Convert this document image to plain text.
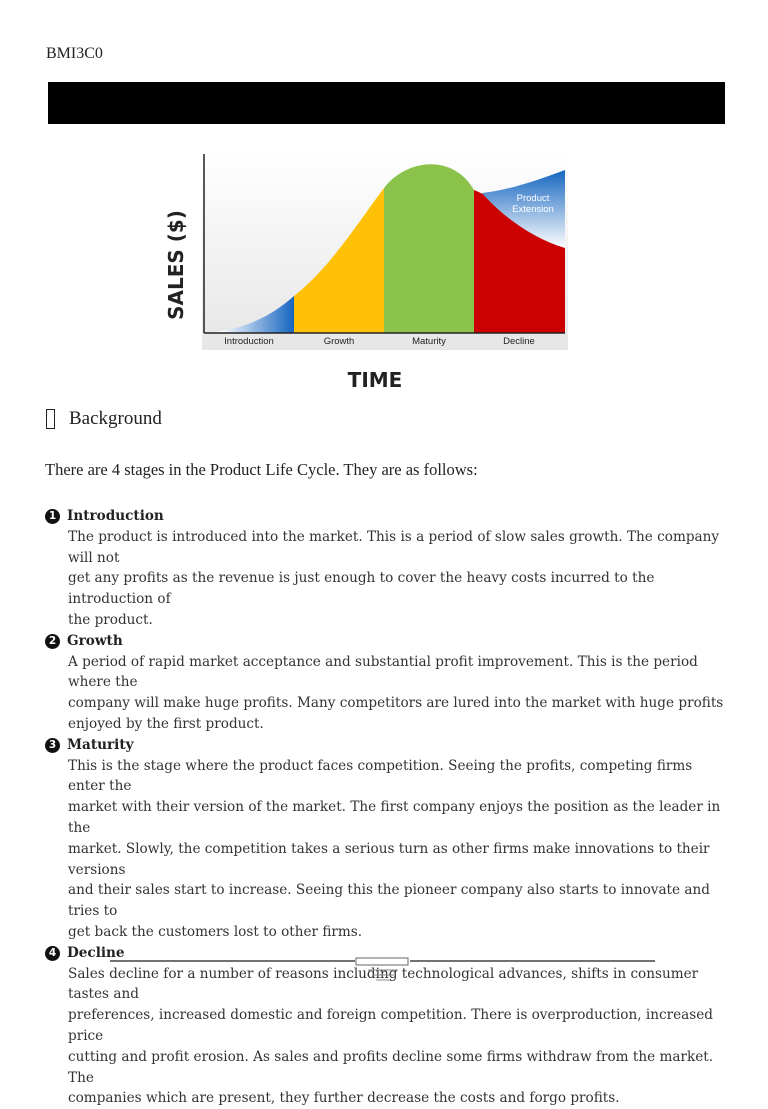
BMI3C0
Product
Extension
Introduction	Growth	Maturity	Decline
SALES ($)
TIME
Background
There are 4 stages in the Product Life Cycle. They are as follows:
1 Introduction
The product is introduced into the market. This is a period of slow sales growth. The company will not
get any profits as the revenue is just enough to cover the heavy costs incurred to the introduction of
the product.
2 Growth
A period of rapid market acceptance and substantial profit improvement. This is the period where the
company will make huge profits. Many competitors are lured into the market with huge profits
enjoyed by the first product.
3 Maturity
This is the stage where the product faces competition. Seeing the profits, competing firms enter the
market with their version of the market. The first company enjoys the position as the leader in the
market. Slowly, the competition takes a serious turn as other firms make innovations to their versions
and their sales start to increase. Seeing this the pioneer company also starts to innovate and tries to
get back the customers lost to other firms.
4 Decline
Sales decline for a number of reasons including technological advances, shifts in consumer tastes and
preferences, increased domestic and foreign competition. There is overproduction, increased price
cutting and profit erosion. As sales and profits decline some firms withdraw from the market. The
companies which are present, they further decrease the costs and forgo profits.
